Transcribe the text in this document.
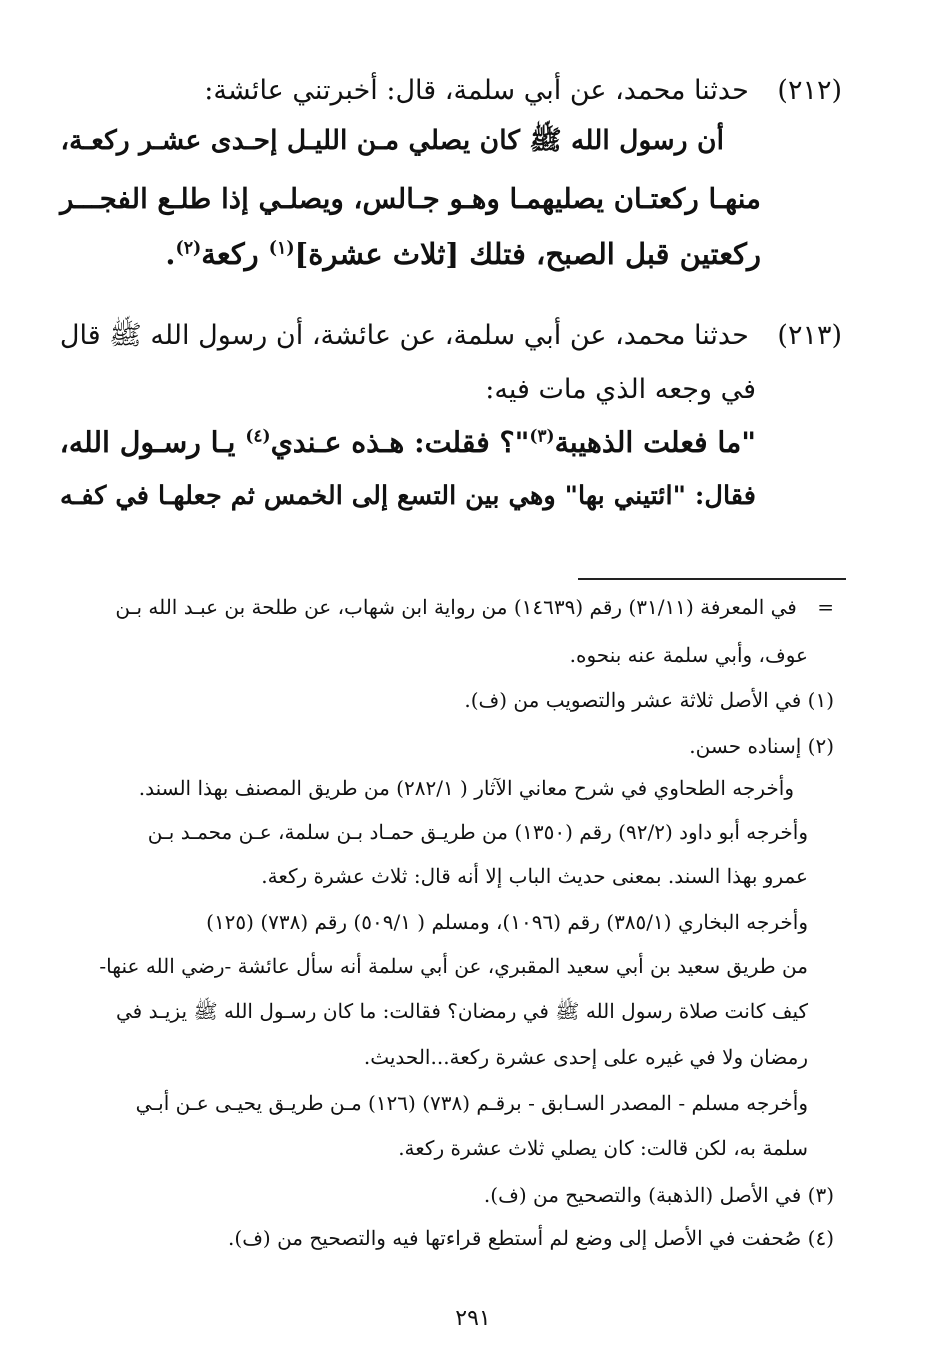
(٢١٢) حدثنا محمد، عن أبي سلمة، قال: أخبرتني عائشة:
أن رسول الله ﷺ كان يصلي مـن الليـل إحـدى عشـر ركعـة،
منهـا ركعتـان يصليهمـا وهـو جـالس، ويصلـي إذا طلـع الفجـــر
ركعتين قبل الصبح، فتلك [ثلاث عشرة]$^{(١)}$ ركعة$^{(٢)}$.
(٢١٣) حدثنا محمد، عن أبي سلمة، عن عائشة، أن رسول الله ﷺ قال
في وجعه الذي مات فيه:
"ما فعلت الذهيبة$^{(٣)}$"؟ فقلت: هـذه عـندي$^{(٤)}$ يـا رسـول الله،
فقال: "ائتيني بها" وهي بين التسع إلى الخمس ثم جعلهـا في كفـه
= في المعرفة (٣١/١١) رقم (١٤٦٣٩) من رواية ابن شهاب، عن طلحة بن عبـد الله بـن
عوف، وأبي سلمة عنه بنحوه.
(١) في الأصل ثلاثة عشر والتصويب من (ف).
(٢) إسناده حسن.
وأخرجه الطحاوي في شرح معاني الآثار ( ٢٨٢/١) من طريق المصنف بهذا السند.
وأخرجه أبو داود (٩٢/٢) رقم (١٣٥٠) من طريـق حمـاد بـن سلمة، عـن محمـد بـن
عمرو بهذا السند. بمعنى حديث الباب إلا أنه قال: ثلاث عشرة ركعة.
وأخرجه البخاري (٣٨٥/١) رقم (١٠٩٦)، ومسلم ( ٥٠٩/١) رقم (٧٣٨) (١٢٥)
من طريق سعيد بن أبي سعيد المقبري، عن أبي سلمة أنه سأل عائشة -رضي الله عنها-
كيف كانت صلاة رسول الله ﷺ في رمضان؟ فقالت: ما كان رسـول الله ﷺ يزيـد في
رمضان ولا في غيره على إحدى عشرة ركعة...الحديث.
وأخرجه مسلم - المصدر السـابق - برقـم (٧٣٨) (١٢٦) مـن طريـق يحيـى عـن أبـي
سلمة به، لكن قالت: كان يصلي ثلاث عشرة ركعة.
(٣) في الأصل (الذهبة) والتصحيح من (ف).
(٤) صُحفت في الأصل إلى وضع لم أستطع قراءتها فيه والتصحيح من (ف).
٢٩١
